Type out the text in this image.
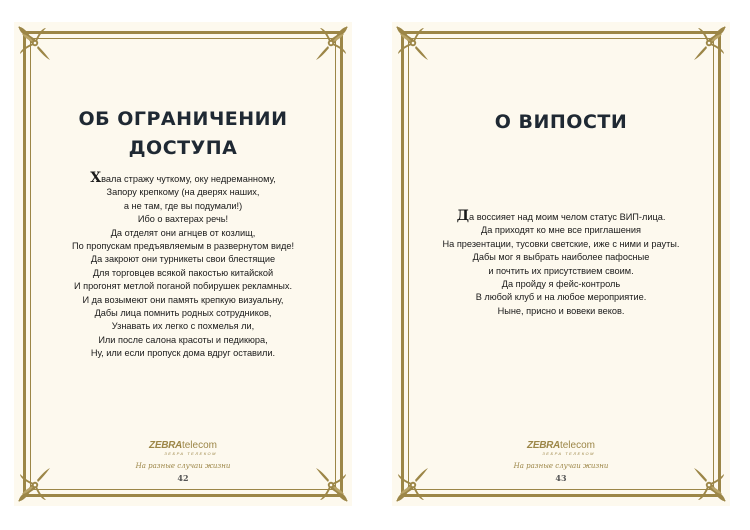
ОБ ОГРАНИЧЕНИИ
ДОСТУПА
Хвала стражу чуткому, оку недреманному,
Запору крепкому (на дверях наших,
а не там, где вы подумали!)
Ибо о вахтерах речь!
Да отделят они агнцев от козлищ,
По пропускам предъявляемым в развернутом виде!
Да закроют они турникеты свои блестящие
Для торговцев всякой пакостью китайской
И прогонят метлой поганой побирушек рекламных.
И да возымеют они память крепкую визуальну,
Дабы лица помнить родных сотрудников,
Узнавать их легко с похмелья ли,
Или после салона красоты и педикюра,
Ну, или если пропуск дома вдруг оставили.
ZEBRAtelecom
ЗЕБРА ТЕЛЕКОМ
На разные случаи жизни
42
О ВИПОСТИ
Да воссияет над моим челом статус ВИП-лица.
Да приходят ко мне все приглашения
На презентации, тусовки светские, иже с ними и рауты.
Дабы мог я выбрать наиболее пафосные
и почтить их присутствием своим.
Да пройду я фейс-контроль
В любой клуб и на любое мероприятие.
Ныне, присно и вовеки веков.
ZEBRAtelecom
ЗЕБРА ТЕЛЕКОМ
На разные случаи жизни
43
